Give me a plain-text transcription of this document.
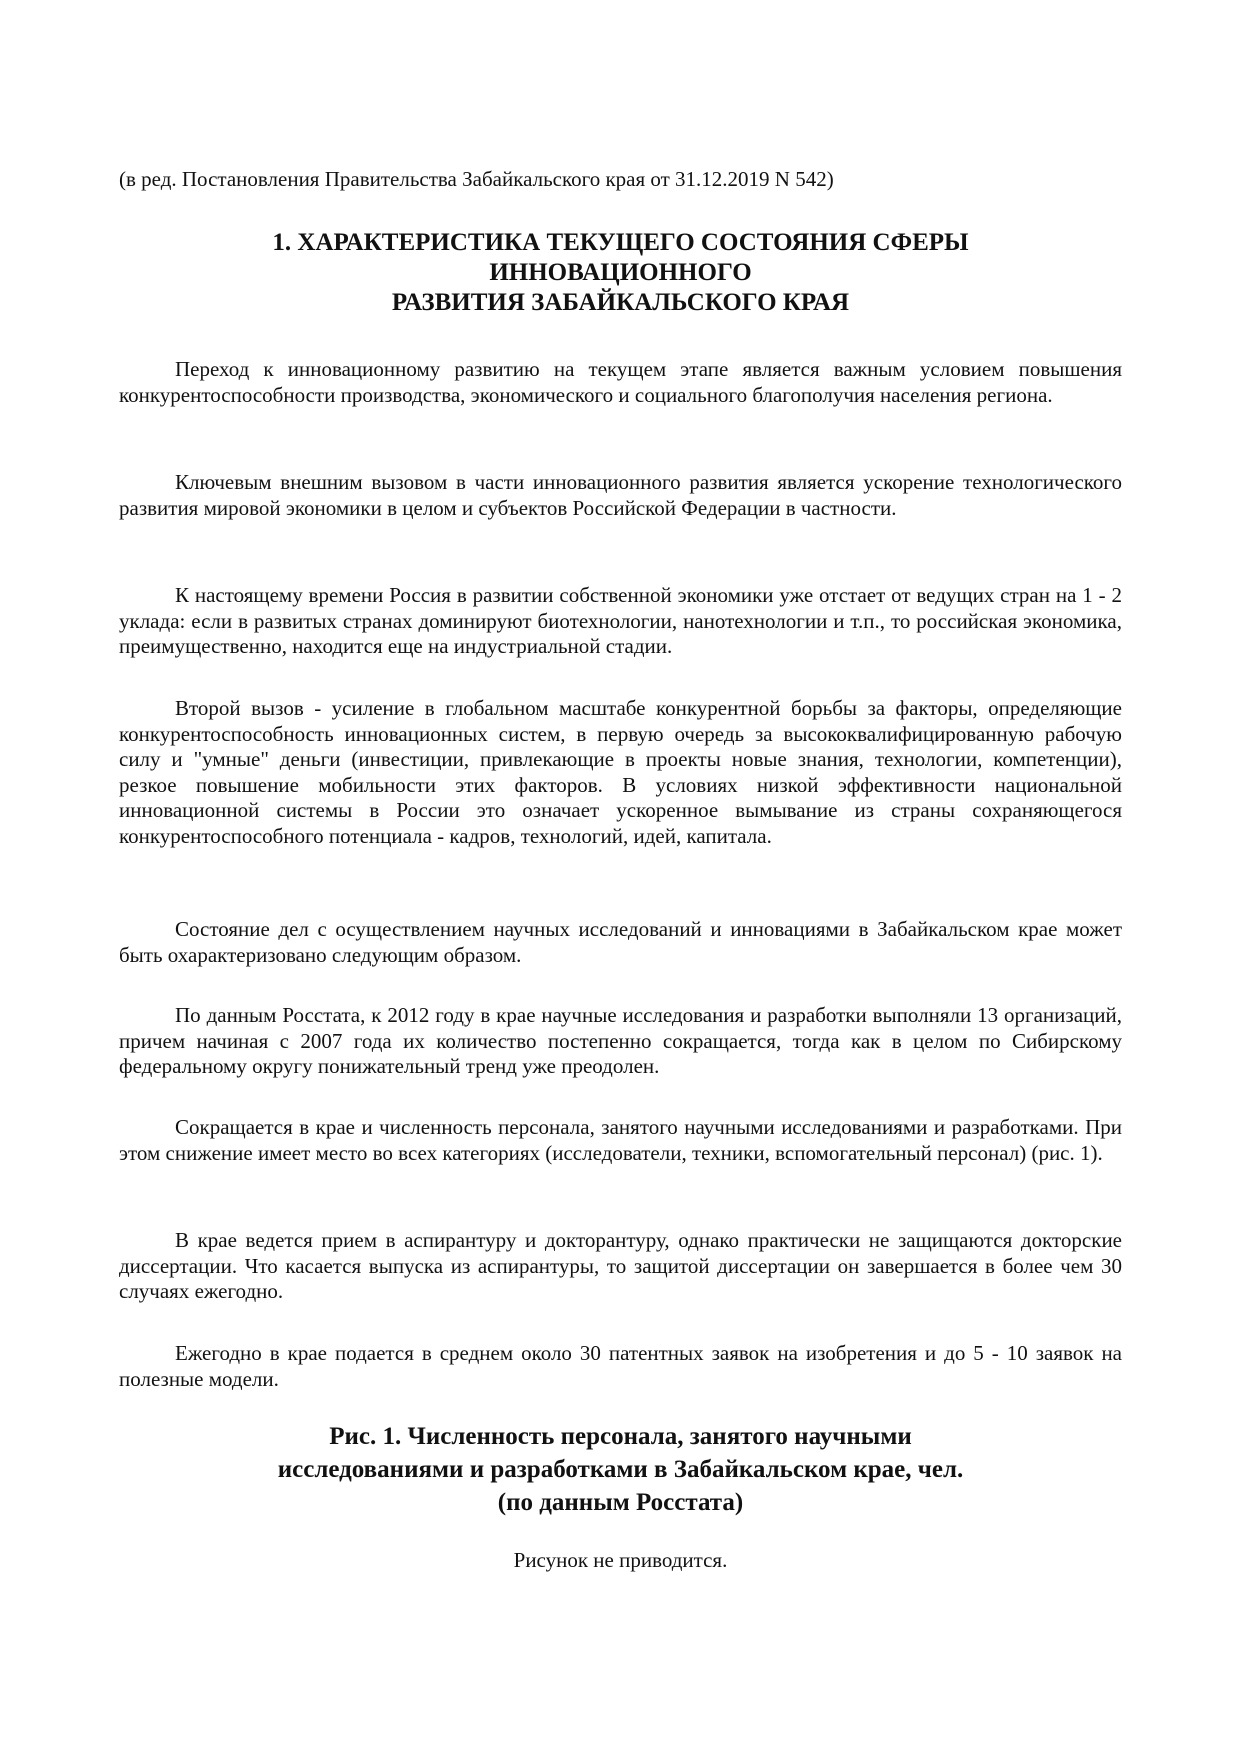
(в ред. Постановления Правительства Забайкальского края от 31.12.2019 N 542)
1. ХАРАКТЕРИСТИКА ТЕКУЩЕГО СОСТОЯНИЯ СФЕРЫ
ИННОВАЦИОННОГО
РАЗВИТИЯ ЗАБАЙКАЛЬСКОГО КРАЯ

Переход к инновационному развитию на текущем этапе является важным условием повышения конкурентоспособности производства, экономического и социального благополучия населения региона.

Ключевым внешним вызовом в части инновационного развития является ускорение технологического развития мировой экономики в целом и субъектов Российской Федерации в частности.

К настоящему времени Россия в развитии собственной экономики уже отстает от ведущих стран на 1 - 2 уклада: если в развитых странах доминируют биотехнологии, нанотехнологии и т.п., то российская экономика, преимущественно, находится еще на индустриальной стадии.

Второй вызов - усиление в глобальном масштабе конкурентной борьбы за факторы, определяющие конкурентоспособность инновационных систем, в первую очередь за высококвалифицированную рабочую силу и "умные" деньги (инвестиции, привлекающие в проекты новые знания, технологии, компетенции), резкое повышение мобильности этих факторов. В условиях низкой эффективности национальной инновационной системы в России это означает ускоренное вымывание из страны сохраняющегося конкурентоспособного потенциала - кадров, технологий, идей, капитала.

Состояние дел с осуществлением научных исследований и инновациями в Забайкальском крае может быть охарактеризовано следующим образом.

По данным Росстата, к 2012 году в крае научные исследования и разработки выполняли 13 организаций, причем начиная с 2007 года их количество постепенно сокращается, тогда как в целом по Сибирскому федеральному округу понижательный тренд уже преодолен.

Сокращается в крае и численность персонала, занятого научными исследованиями и разработками. При этом снижение имеет место во всех категориях (исследователи, техники, вспомогательный персонал) (рис. 1).

В крае ведется прием в аспирантуру и докторантуру, однако практически не защищаются докторские диссертации. Что касается выпуска из аспирантуры, то защитой диссертации он завершается в более чем 30 случаях ежегодно.

Ежегодно в крае подается в среднем около 30 патентных заявок на изобретения и до 5 - 10 заявок на полезные модели.

Рис. 1. Численность персонала, занятого научными
исследованиями и разработками в Забайкальском крае, чел.
(по данным Росстата)
Рисунок не приводится.
